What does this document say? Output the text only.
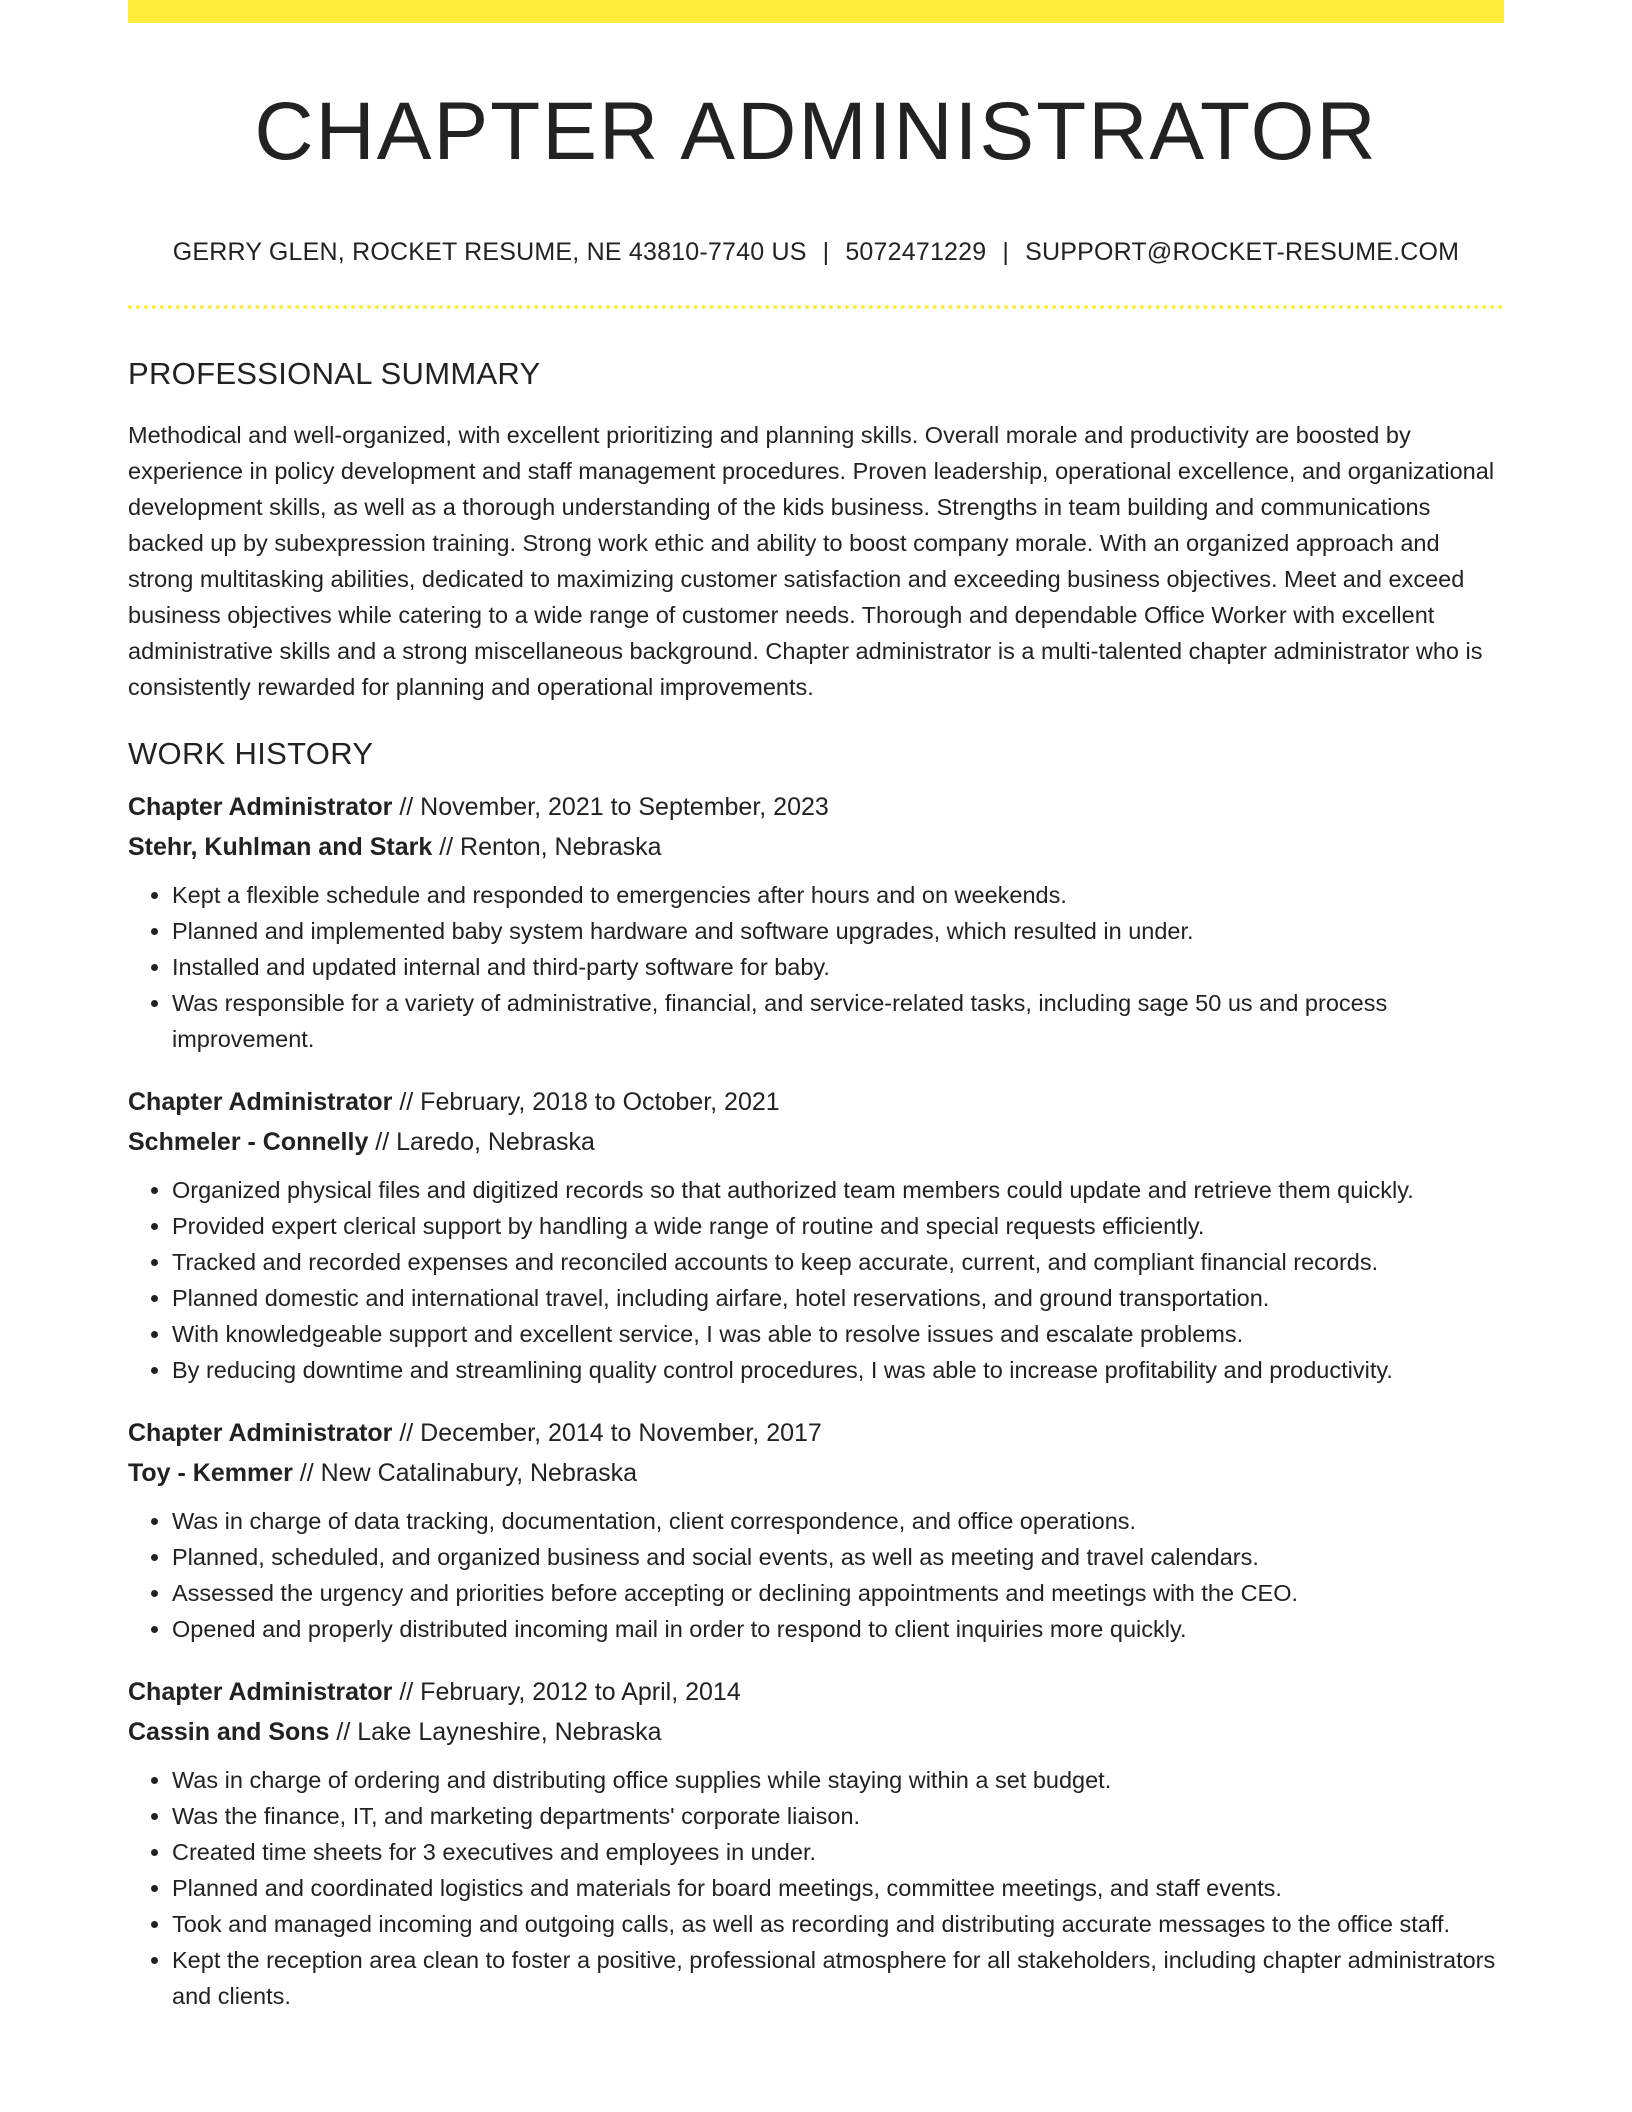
CHAPTER ADMINISTRATOR
GERRY GLEN, ROCKET RESUME, NE 43810-7740 US | 5072471229 | SUPPORT@ROCKET-RESUME.COM
PROFESSIONAL SUMMARY

Methodical and well-organized, with excellent prioritizing and planning skills. Overall morale and productivity are boosted by experience in policy development and staff management procedures. Proven leadership, operational excellence, and organizational development skills, as well as a thorough understanding of the kids business. Strengths in team building and communications backed up by subexpression training. Strong work ethic and ability to boost company morale. With an organized approach and strong multitasking abilities, dedicated to maximizing customer satisfaction and exceeding business objectives. Meet and exceed business objectives while catering to a wide range of customer needs. Thorough and dependable Office Worker with excellent administrative skills and a strong miscellaneous background. Chapter administrator is a multi-talented chapter administrator who is consistently rewarded for planning and operational improvements.

WORK HISTORY
Chapter Administrator // November, 2021 to September, 2023
Stehr, Kuhlman and Stark // Renton, Nebraska
• Kept a flexible schedule and responded to emergencies after hours and on weekends.
• Planned and implemented baby system hardware and software upgrades, which resulted in under.
• Installed and updated internal and third-party software for baby.
• Was responsible for a variety of administrative, financial, and service-related tasks, including sage 50 us and process improvement.
Chapter Administrator // February, 2018 to October, 2021
Schmeler - Connelly // Laredo, Nebraska
• Organized physical files and digitized records so that authorized team members could update and retrieve them quickly.
• Provided expert clerical support by handling a wide range of routine and special requests efficiently.
• Tracked and recorded expenses and reconciled accounts to keep accurate, current, and compliant financial records.
• Planned domestic and international travel, including airfare, hotel reservations, and ground transportation.
• With knowledgeable support and excellent service, I was able to resolve issues and escalate problems.
• By reducing downtime and streamlining quality control procedures, I was able to increase profitability and productivity.
Chapter Administrator // December, 2014 to November, 2017
Toy - Kemmer // New Catalinabury, Nebraska
• Was in charge of data tracking, documentation, client correspondence, and office operations.
• Planned, scheduled, and organized business and social events, as well as meeting and travel calendars.
• Assessed the urgency and priorities before accepting or declining appointments and meetings with the CEO.
• Opened and properly distributed incoming mail in order to respond to client inquiries more quickly.
Chapter Administrator // February, 2012 to April, 2014
Cassin and Sons // Lake Layneshire, Nebraska
• Was in charge of ordering and distributing office supplies while staying within a set budget.
• Was the finance, IT, and marketing departments' corporate liaison.
• Created time sheets for 3 executives and employees in under.
• Planned and coordinated logistics and materials for board meetings, committee meetings, and staff events.
• Took and managed incoming and outgoing calls, as well as recording and distributing accurate messages to the office staff.
• Kept the reception area clean to foster a positive, professional atmosphere for all stakeholders, including chapter administrators and clients.
